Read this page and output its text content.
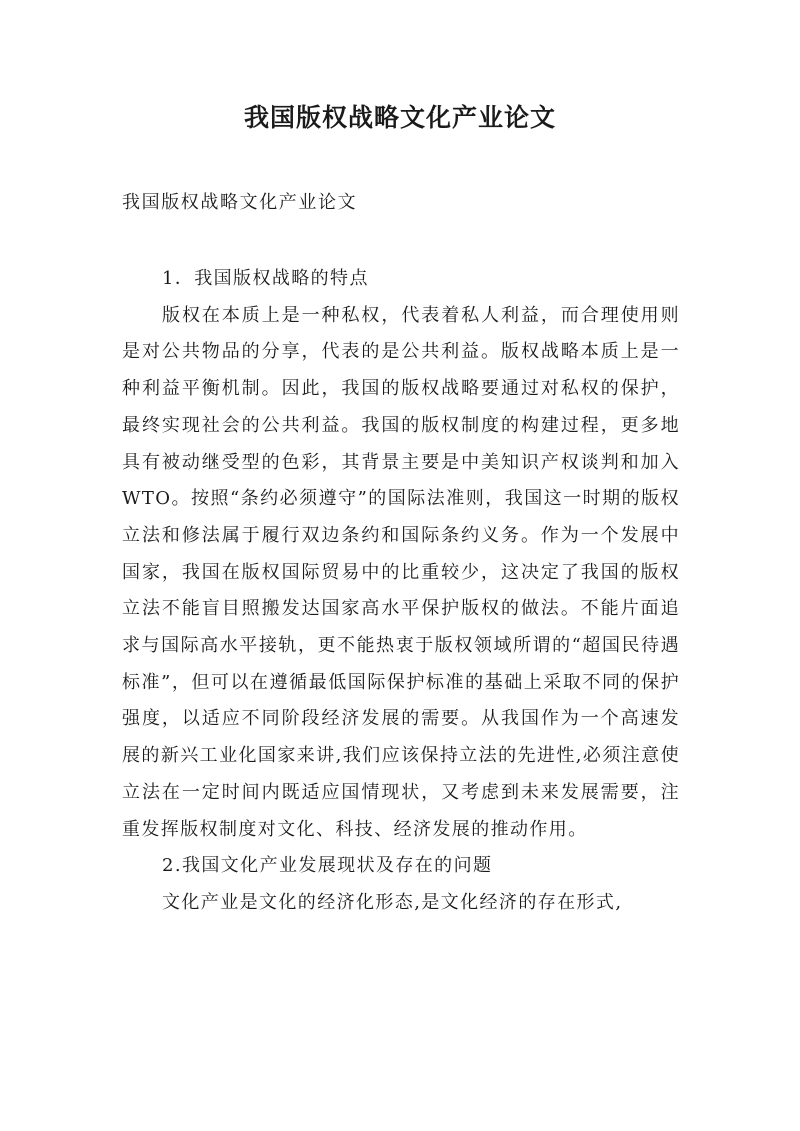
我国版权战略文化产业论文

我国版权战略文化产业论文

1．我国版权战略的特点

版权在本质上是一种私权，代表着私人利益，而合理使用则是对公共物品的分享，代表的是公共利益。版权战略本质上是一种利益平衡机制。因此，我国的版权战略要通过对私权的保护，最终实现社会的公共利益。我国的版权制度的构建过程，更多地具有被动继受型的色彩，其背景主要是中美知识产权谈判和加入WTO。按照“条约必须遵守”的国际法准则，我国这一时期的版权立法和修法属于履行双边条约和国际条约义务。作为一个发展中国家，我国在版权国际贸易中的比重较少，这决定了我国的版权立法不能盲目照搬发达国家高水平保护版权的做法。不能片面追求与国际高水平接轨，更不能热衷于版权领域所谓的“超国民待遇标准”，但可以在遵循最低国际保护标准的基础上采取不同的保护强度，以适应不同阶段经济发展的需要。从我国作为一个高速发展的新兴工业化国家来讲,我们应该保持立法的先进性,必须注意使立法在一定时间内既适应国情现状，又考虑到未来发展需要，注重发挥版权制度对文化、科技、经济发展的推动作用。

2.我国文化产业发展现状及存在的问题

文化产业是文化的经济化形态,是文化经济的存在形式,
